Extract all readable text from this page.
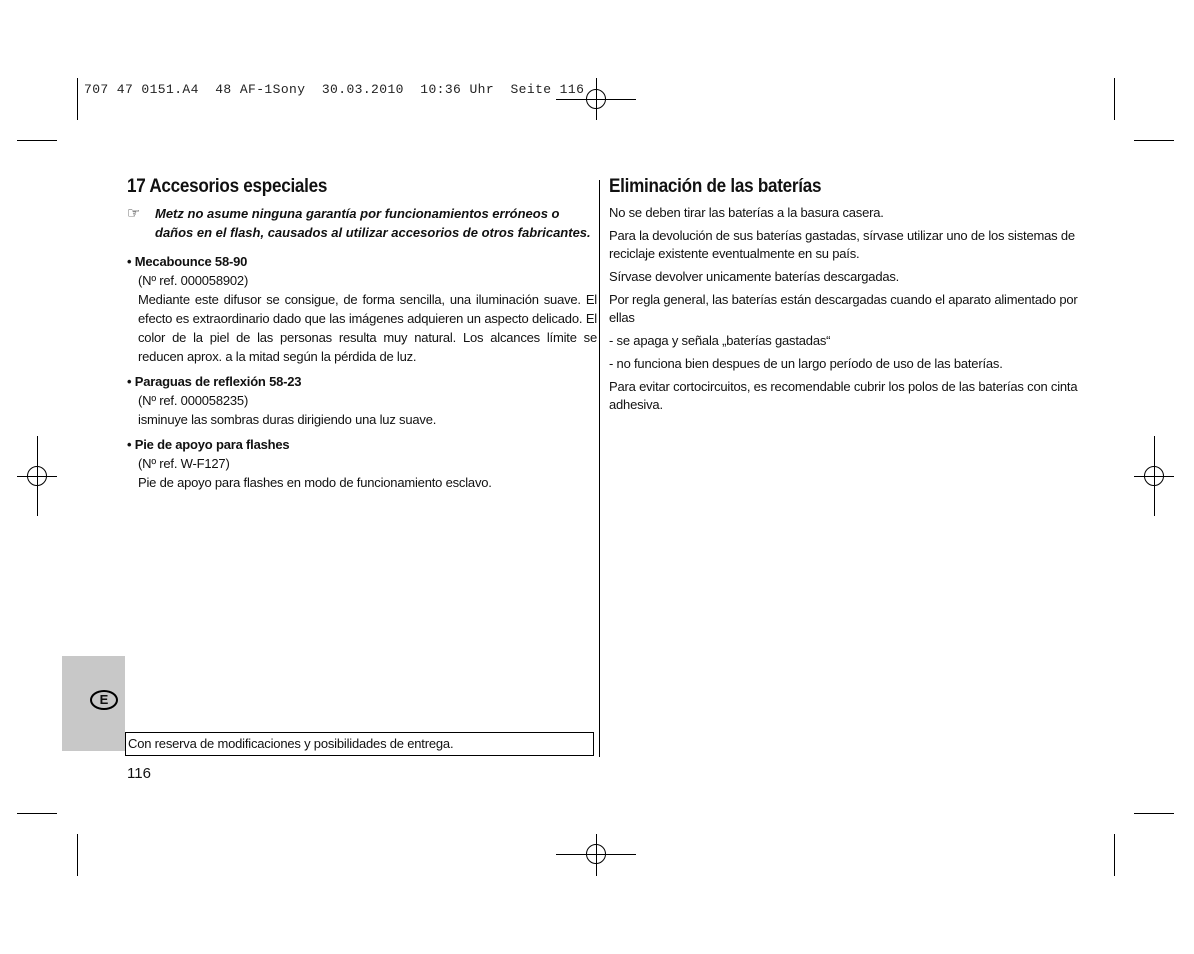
707 47 0151.A4  48 AF-1Sony  30.03.2010  10:36 Uhr  Seite 116
17 Accesorios especiales
☞	Metz no asume ninguna garantía por funcionamientos erróneos o daños en el flash, causados al utilizar accesorios de otros fabricantes.
• Mecabounce 58-90
(Nº ref. 000058902)
Mediante este difusor se consigue, de forma sencilla, una iluminación suave. El efecto es extraordinario dado que las imágenes adquieren un aspecto delicado. El color de la piel de las personas resulta muy natural. Los alcances límite se reducen aprox. a la mitad según la pérdida de luz.
• Paraguas de reflexión 58-23
(Nº ref. 000058235)
isminuye las sombras duras dirigiendo una luz suave.
• Pie de apoyo para flashes
(Nº ref. W-F127)
Pie de apoyo para flashes en modo de funcionamiento esclavo.
Eliminación de las baterías

No se deben tirar las baterías a la basura casera.

Para la devolución de sus baterías gastadas, sírvase utilizar uno de los sistemas de reciclaje existente eventualmente en su país.

Sírvase devolver unicamente baterías descargadas.

Por regla general, las baterías están descargadas cuando el aparato alimentado por ellas

- se apaga y señala „baterías gastadas“

- no funciona bien despues de un largo período de uso de las baterías.

Para evitar cortocircuitos, es recomendable cubrir los polos de las baterías con cinta adhesiva.

E
Con reserva de modificaciones y posibilidades de entrega.
116
